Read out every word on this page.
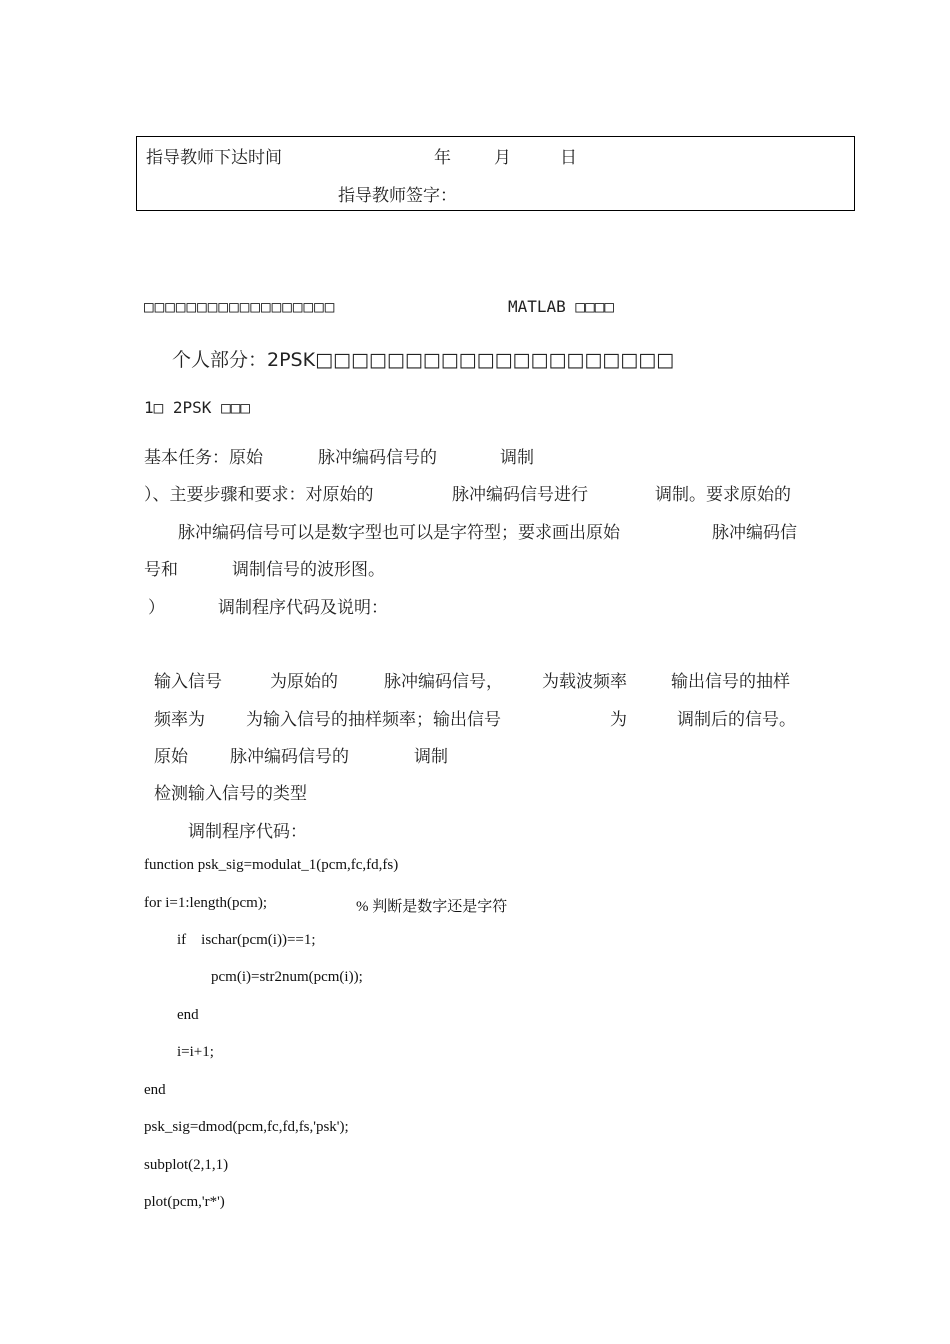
指导教师下达时间	年	月	日
指导教师签字：
□□□□□□□□□□□□□□□□□□	MATLAB □□□□
个人部分：2PSK□□□□□□□□□□□□□□□□□□□□
1□ 2PSK □□□
基本任务：原始	脉冲编码信号的	调制
）、主要步骤和要求：对原始的	脉冲编码信号进行	调制。要求原始的
脉冲编码信号可以是数字型也可以是字符型；要求画出原始	脉冲编码信
号和	调制信号的波形图。
）	调制程序代码及说明：
输入信号	为原始的	脉冲编码信号， 为载波频率	输出信号的抽样
频率为 为输入信号的抽样频率；输出信号	为	调制后的信号。
原始 脉冲编码信号的	调制
检测输入信号的类型
调制程序代码：
function psk_sig=modulat_1(pcm,fc,fd,fs)
for i=1:length(pcm);	% 判断是数字还是字符
if    ischar(pcm(i))==1;
pcm(i)=str2num(pcm(i));
end
i=i+1;
end
psk_sig=dmod(pcm,fc,fd,fs,'psk');
subplot(2,1,1)
plot(pcm,'r*')
